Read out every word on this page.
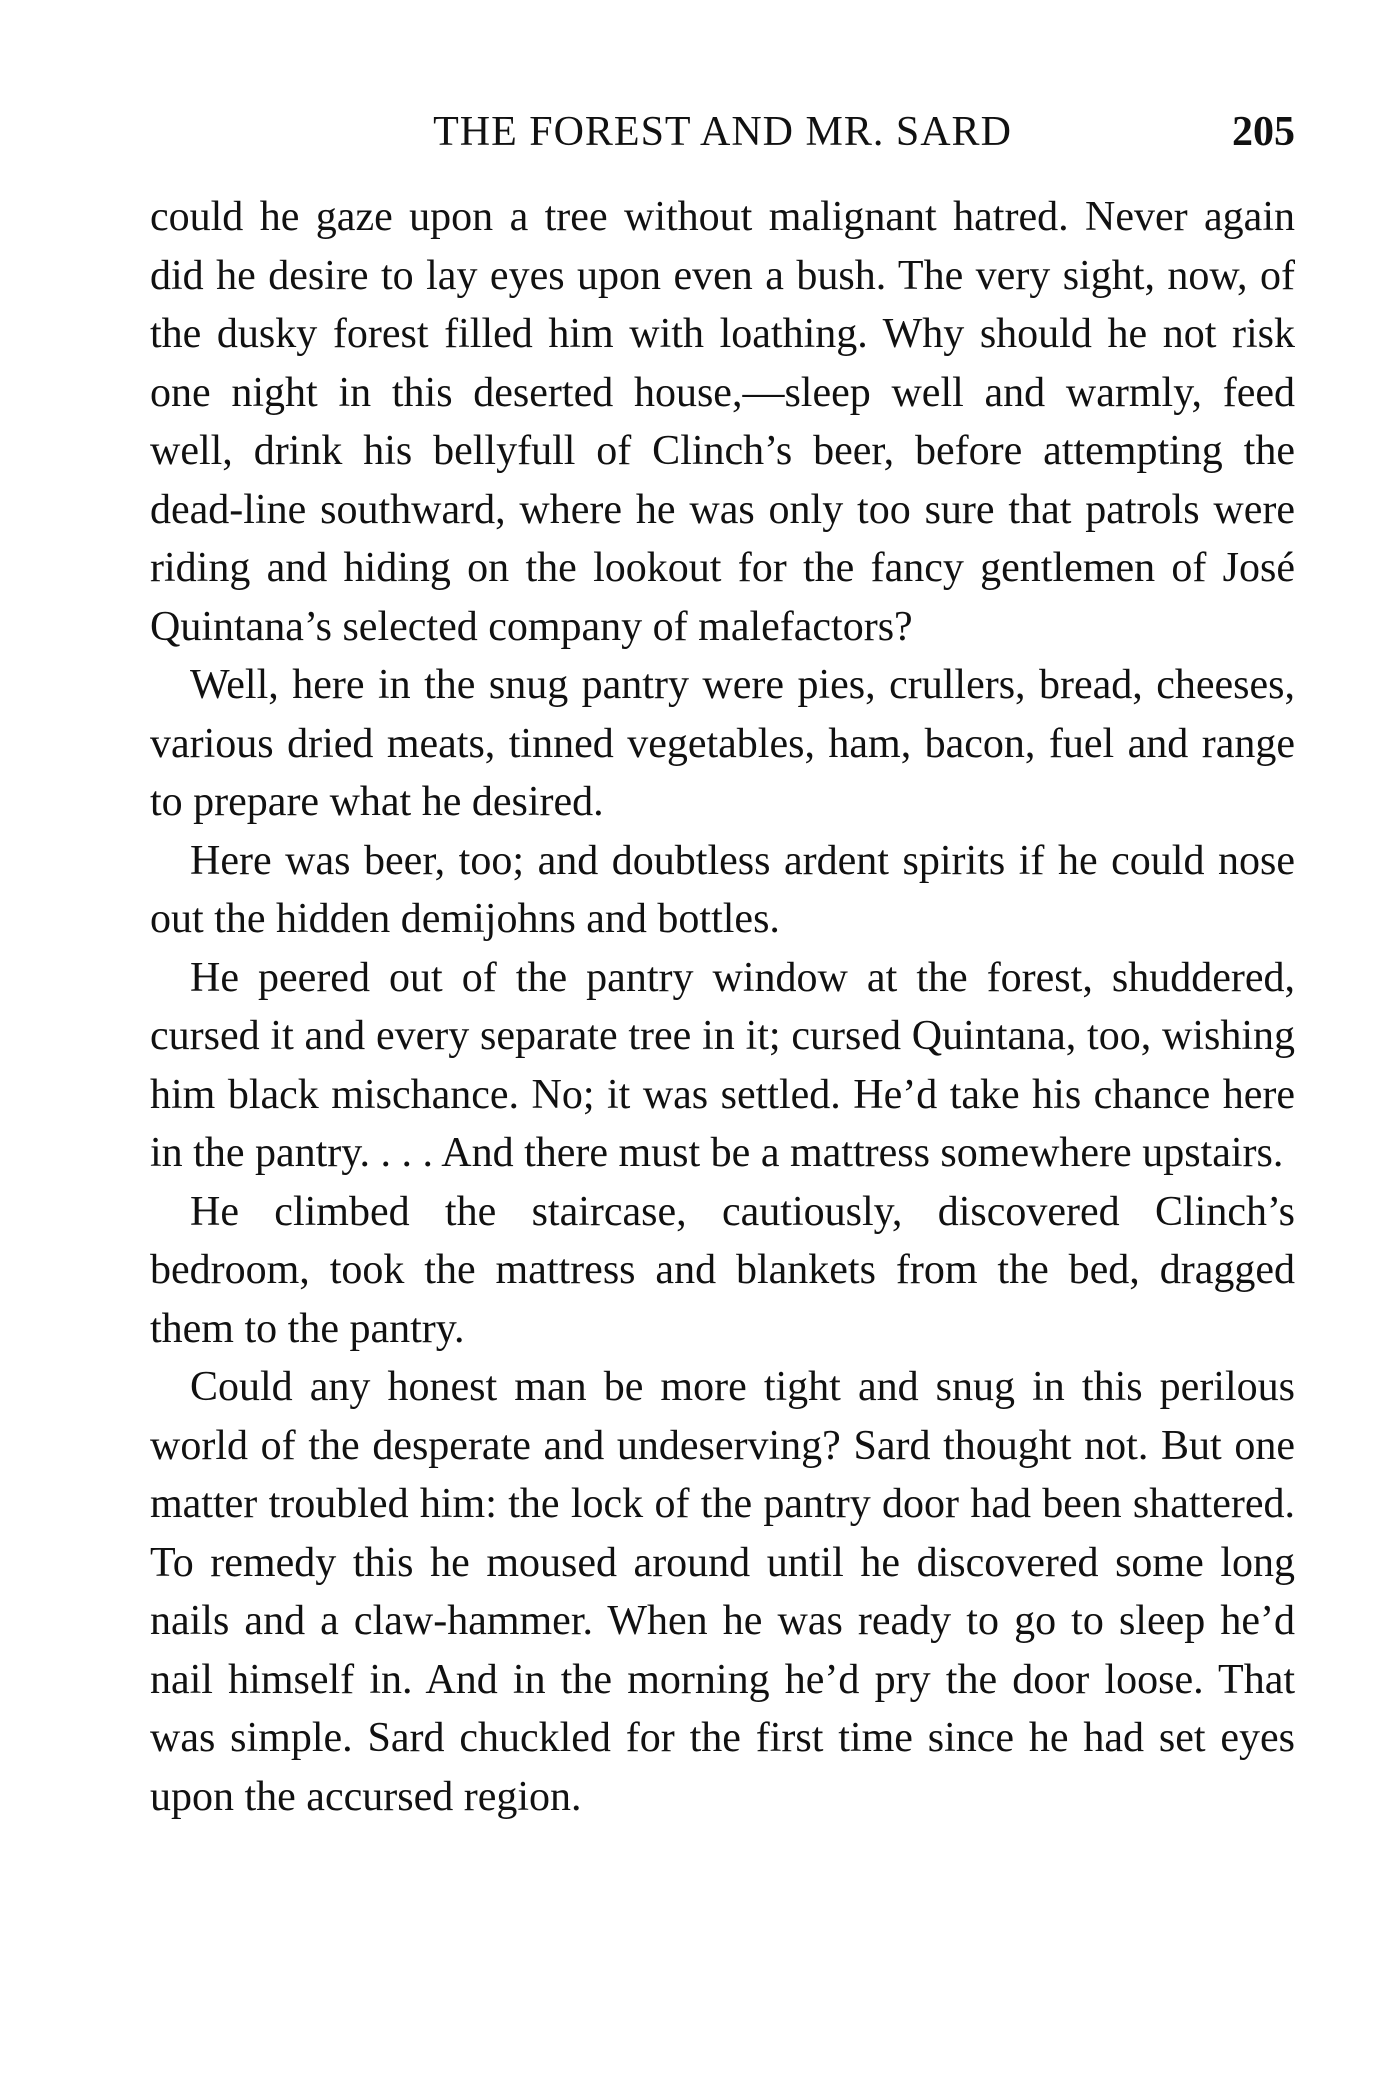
THE FOREST AND MR. SARD	205

could he gaze upon a tree without malignant hatred. Never again did he desire to lay eyes upon even a bush. The very sight, now, of the dusky forest filled him with loathing. Why should he not risk one night in this deserted house,—sleep well and warmly, feed well, drink his bellyfull of Clinch’s beer, before attempting the dead-line southward, where he was only too sure that patrols were riding and hiding on the lookout for the fancy gentlemen of José Quintana’s selected company of malefactors?

Well, here in the snug pantry were pies, crullers, bread, cheeses, various dried meats, tinned vegetables, ham, bacon, fuel and range to prepare what he desired.

Here was beer, too; and doubtless ardent spirits if he could nose out the hidden demijohns and bottles.

He peered out of the pantry window at the forest, shuddered, cursed it and every separate tree in it; cursed Quintana, too, wishing him black mischance. No; it was settled. He’d take his chance here in the pantry. . . . And there must be a mattress somewhere upstairs.

He climbed the staircase, cautiously, discovered Clinch’s bedroom, took the mattress and blankets from the bed, dragged them to the pantry.

Could any honest man be more tight and snug in this perilous world of the desperate and undeserving? Sard thought not. But one matter troubled him: the lock of the pantry door had been shattered. To remedy this he moused around until he discovered some long nails and a claw-hammer. When he was ready to go to sleep he’d nail himself in. And in the morning he’d pry the door loose. That was simple. Sard chuckled for the first time since he had set eyes upon the accursed region.
